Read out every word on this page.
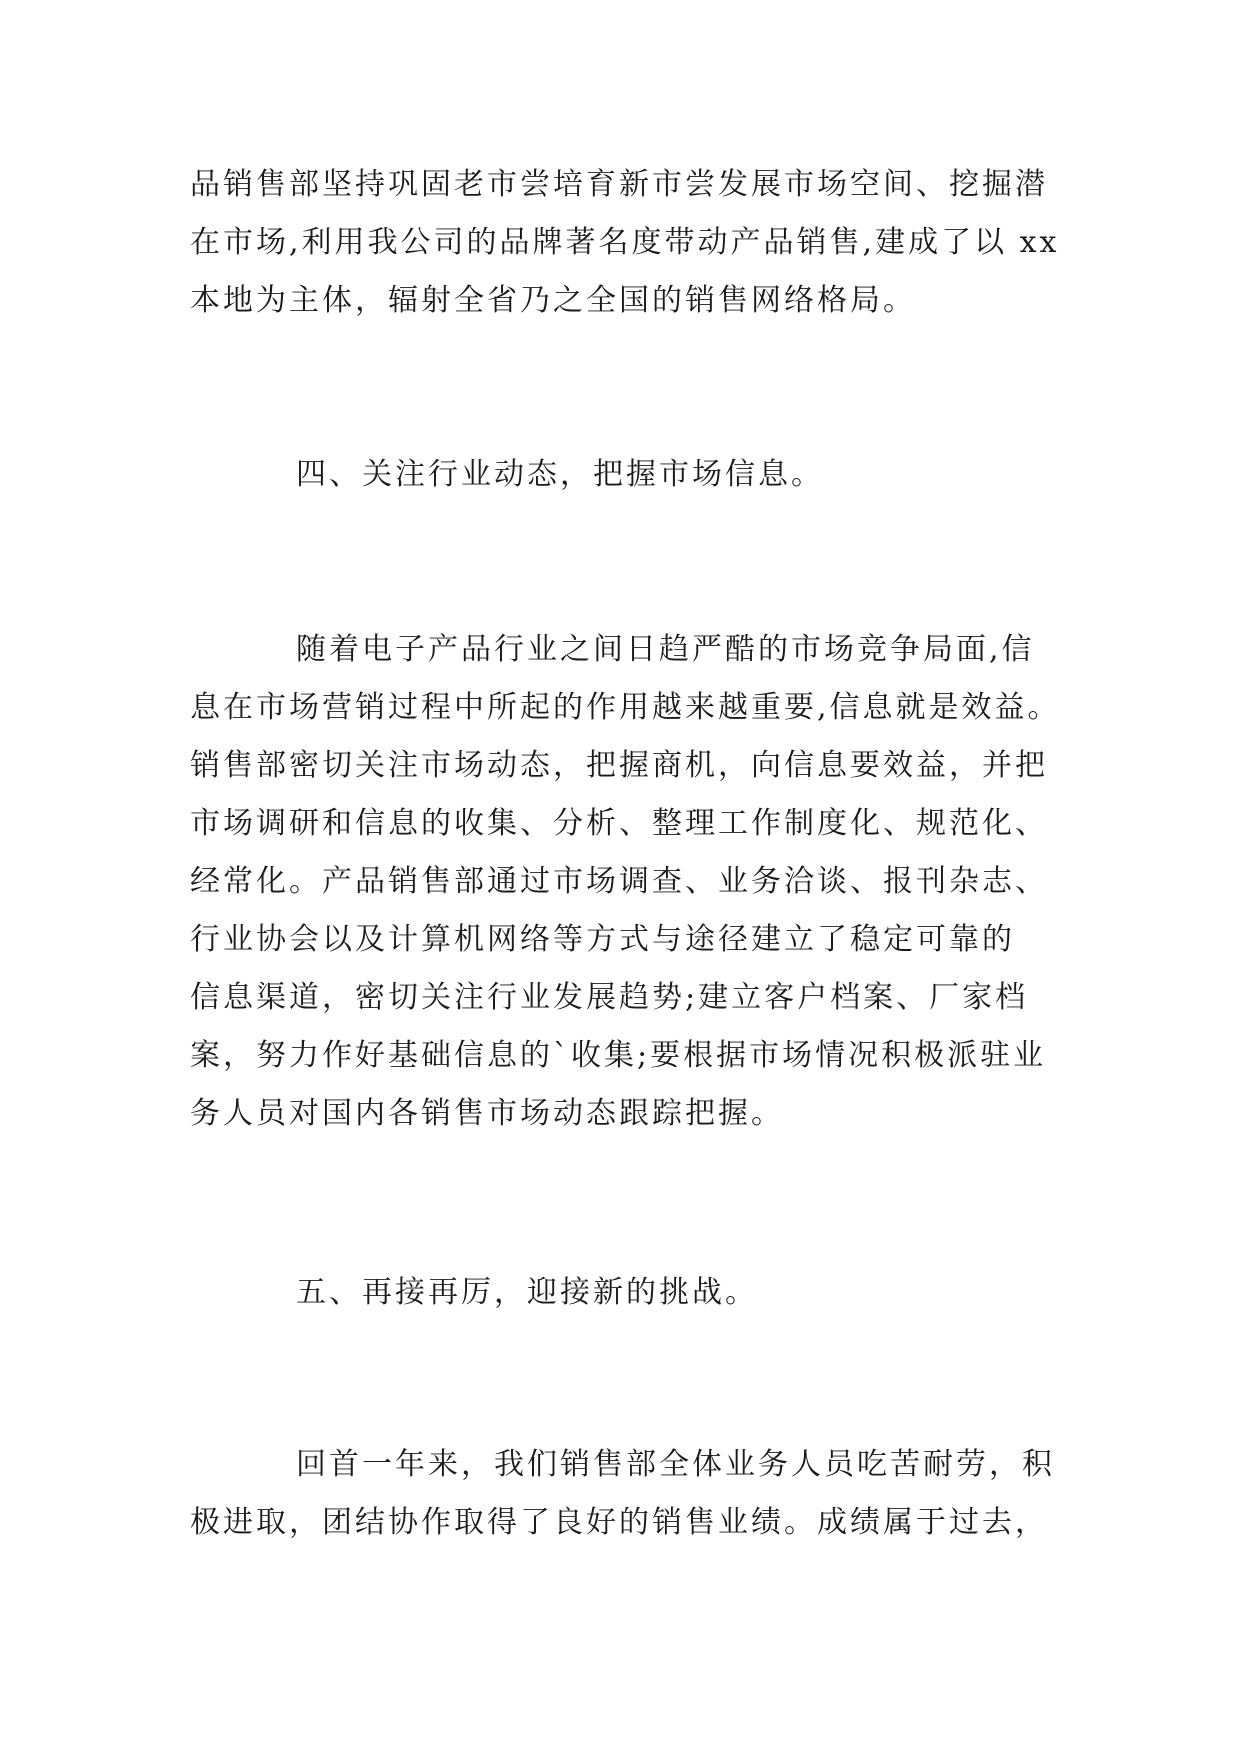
品销售部坚持巩固老市尝培育新市尝发展市场空间、挖掘潜
在市场,利用我公司的品牌著名度带动产品销售,建成了以 xx
本地为主体，辐射全省乃之全国的销售网络格局。
四、关注行业动态，把握市场信息。
随着电子产品行业之间日趋严酷的市场竞争局面,信
息在市场营销过程中所起的作用越来越重要,信息就是效益。
销售部密切关注市场动态，把握商机，向信息要效益，并把
市场调研和信息的收集、分析、整理工作制度化、规范化、
经常化。产品销售部通过市场调查、业务洽谈、报刊杂志、
行业协会以及计算机网络等方式与途径建立了稳定可靠的
信息渠道，密切关注行业发展趋势;建立客户档案、厂家档
案，努力作好基础信息的`收集;要根据市场情况积极派驻业
务人员对国内各销售市场动态跟踪把握。
五、再接再厉，迎接新的挑战。
回首一年来，我们销售部全体业务人员吃苦耐劳，积
极进取，团结协作取得了良好的销售业绩。成绩属于过去，
